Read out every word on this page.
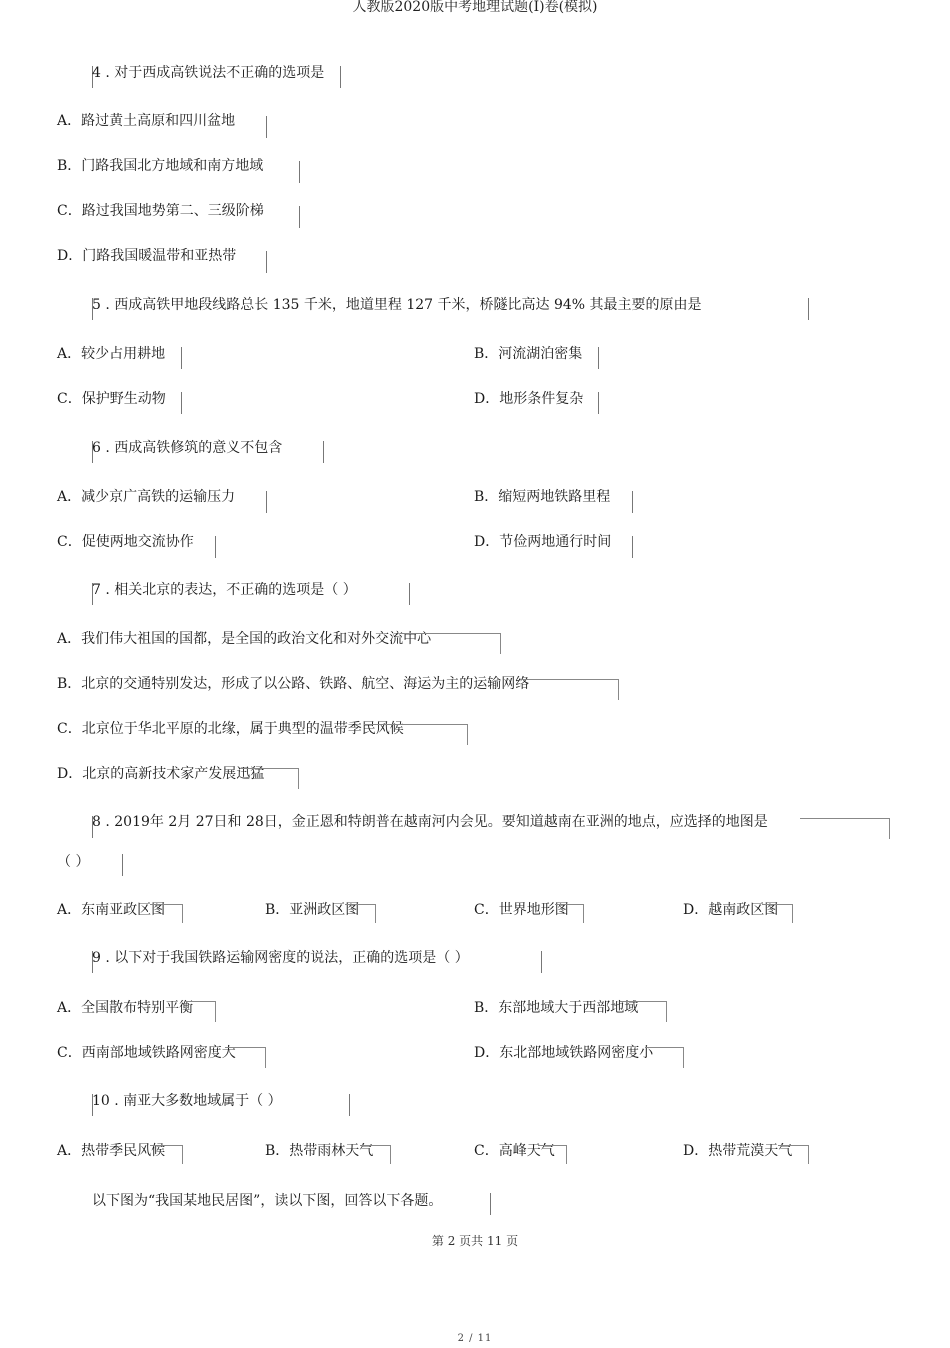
人教版2020版中考地理试题(I)卷(模拟)
4 . 对于西成高铁说法不正确的选项是
A．路过黄土高原和四川盆地
B．门路我国北方地域和南方地域
C．路过我国地势第二、三级阶梯
D．门路我国暖温带和亚热带
5 . 西成高铁甲地段线路总长 135 千米，地道里程 127 千米，桥隧比高达 94% 其最主要的原由是
A．较少占用耕地	B．河流湖泊密集
C．保护野生动物	D．地形条件复杂
6 . 西成高铁修筑的意义不包含
A．减少京广高铁的运输压力	B．缩短两地铁路里程
C．促使两地交流协作	D．节俭两地通行时间
7 . 相关北京的表达，不正确的选项是（ ）
A．我们伟大祖国的国都，是全国的政治文化和对外交流中心
B．北京的交通特别发达，形成了以公路、铁路、航空、海运为主的运输网络
C．北京位于华北平原的北缘，属于典型的温带季民风候
D．北京的高新技术家产发展迅猛
8 . 2019年 2月 27日和 28日，金正恩和特朗普在越南河内会见。要知道越南在亚洲的地点，应选择的地图是
（ ）
A．东南亚政区图	B．亚洲政区图	C．世界地形图	D．越南政区图
9 . 以下对于我国铁路运输网密度的说法，正确的选项是（ ）
A．全国散布特别平衡	B．东部地域大于西部地域
C．西南部地域铁路网密度大	D．东北部地域铁路网密度小
10 . 南亚大多数地域属于（ ）
A．热带季民风候	B．热带雨林天气	C．高峰天气	D．热带荒漠天气
以下图为“我国某地民居图”，读以下图，回答以下各题。
第 2 页共 11 页
2 / 11
